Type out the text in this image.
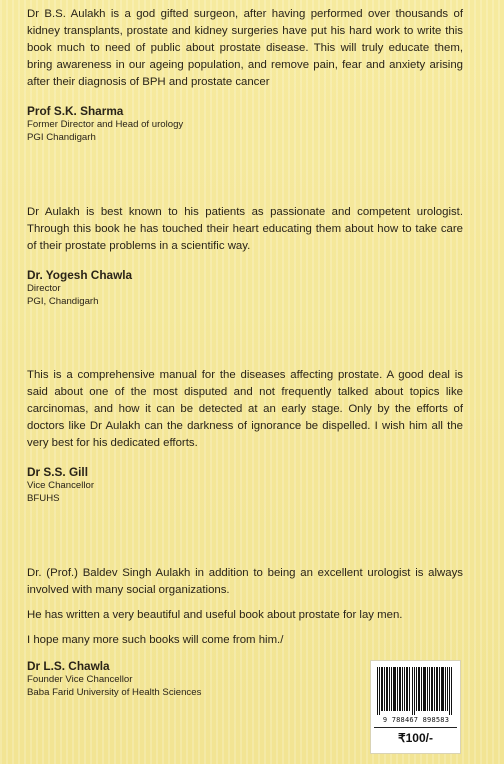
Dr B.S. Aulakh is a god gifted surgeon, after having performed over thousands of kidney transplants, prostate and kidney surgeries have put his hard work to write this book much to need of public about prostate disease. This will truly educate them, bring awareness in our ageing population, and remove pain, fear and anxiety arising after their diagnosis of BPH and prostate cancer

Prof S.K. Sharma

Former Director and Head of urology

PGI Chandigarh

Dr Aulakh is best known to his patients as passionate and competent urologist. Through this book he has touched their heart educating them about how to take care of their prostate problems in a scientific way.

Dr. Yogesh Chawla

Director

PGI, Chandigarh

This is a comprehensive manual for the diseases affecting prostate. A good deal is said about one of the most disputed and not frequently talked about topics like carcinomas, and how it can be detected at an early stage. Only by the efforts of doctors like Dr Aulakh can the darkness of ignorance be dispelled. I wish him all the very best for his dedicated efforts.

Dr S.S. Gill

Vice Chancellor

BFUHS

Dr. (Prof.) Baldev Singh Aulakh in addition to being an excellent urologist is always involved with many social organizations.

He has written a very beautiful and useful book about prostate for lay men.

I hope many more such books will come from him./

Dr L.S. Chawla

Founder Vice Chancellor

Baba Farid University of Health Sciences

9 788467 898583
₹100/-
